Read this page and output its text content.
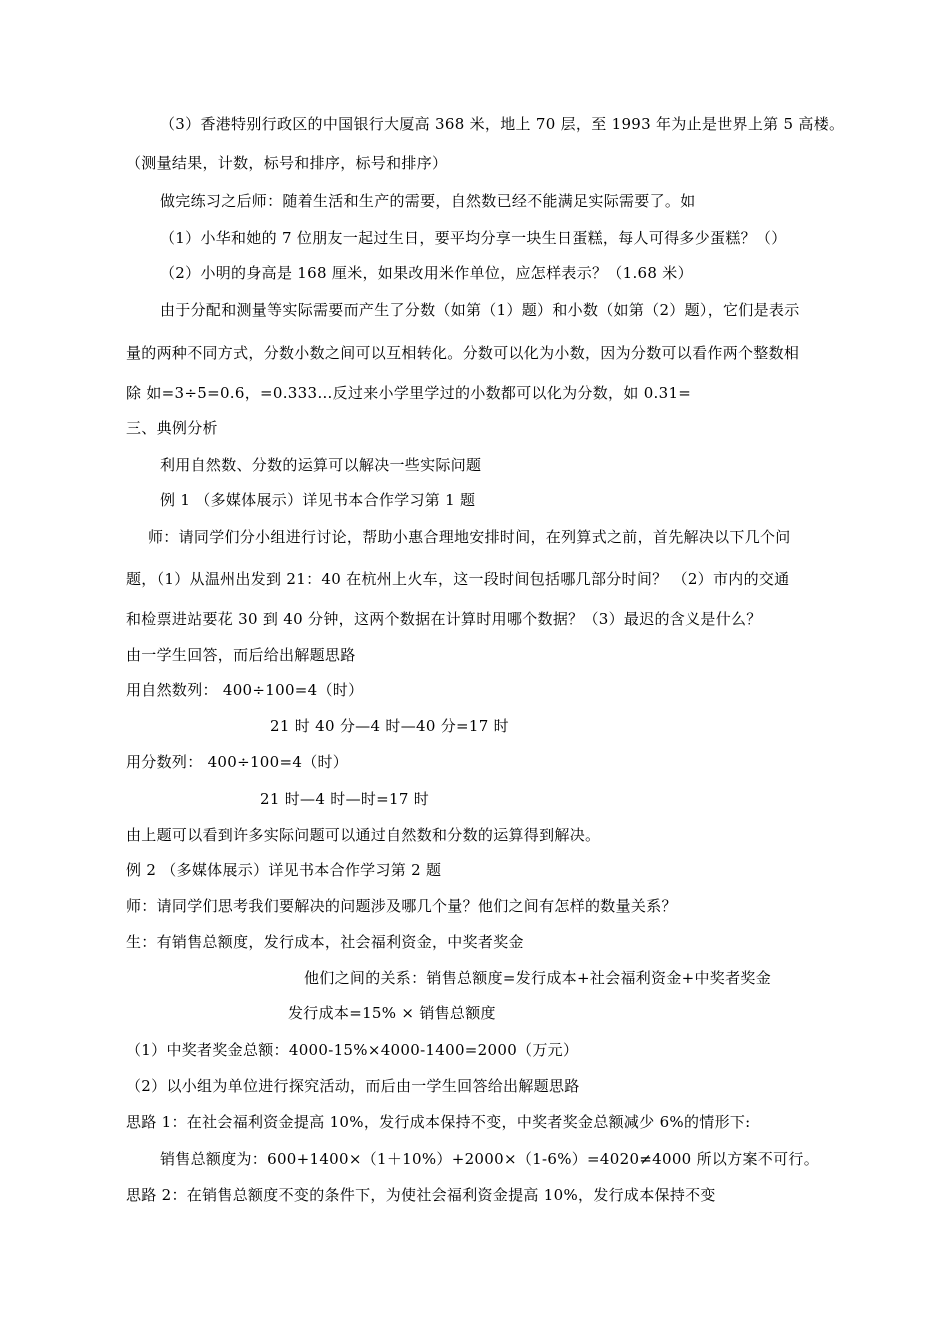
（3）香港特别行政区的中国银行大厦高 368 米，地上 70 层，至 1993 年为止是世界上第 5 高楼。
（测量结果，计数，标号和排序，标号和排序）
做完练习之后师：随着生活和生产的需要，自然数已经不能满足实际需要了。如
（1）小华和她的 7 位朋友一起过生日，要平均分享一块生日蛋糕，每人可得多少蛋糕？（）
（2）小明的身高是 168 厘米，如果改用米作单位，应怎样表示？（1.68 米）
由于分配和测量等实际需要而产生了分数（如第（1）题）和小数（如第（2）题），它们是表示
量的两种不同方式，分数小数之间可以互相转化。分数可以化为小数，因为分数可以看作两个整数相
除 如=3÷5=0.6，=0.333…反过来小学里学过的小数都可以化为分数，如 0.31=
三、典例分析
利用自然数、分数的运算可以解决一些实际问题
例 1 （多媒体展示）详见书本合作学习第 1 题
师：请同学们分小组进行讨论，帮助小惠合理地安排时间，在列算式之前，首先解决以下几个问
题，（1）从温州出发到 21：40 在杭州上火车，这一段时间包括哪几部分时间？ （2）市内的交通
和检票进站要花 30 到 40 分钟，这两个数据在计算时用哪个数据？（3）最迟的含义是什么？
由一学生回答，而后给出解题思路
用自然数列： 400÷100=4（时）
21 时 40 分—4 时—40 分=17 时
用分数列： 400÷100=4（时）
21 时—4 时—时=17 时
由上题可以看到许多实际问题可以通过自然数和分数的运算得到解决。
例 2 （多媒体展示）详见书本合作学习第 2 题
师：请同学们思考我们要解决的问题涉及哪几个量？他们之间有怎样的数量关系？
生：有销售总额度，发行成本，社会福利资金，中奖者奖金
他们之间的关系：销售总额度=发行成本+社会福利资金+中奖者奖金
发行成本=15% × 销售总额度
（1）中奖者奖金总额：4000-15%×4000-1400=2000（万元）
（2）以小组为单位进行探究活动，而后由一学生回答给出解题思路
思路 1：在社会福利资金提高 10%，发行成本保持不变，中奖者奖金总额减少 6%的情形下:
销售总额度为：600+1400×（1＋10%）+2000×（1-6%）=4020≠4000 所以方案不可行。
思路 2：在销售总额度不变的条件下，为使社会福利资金提高 10%，发行成本保持不变
